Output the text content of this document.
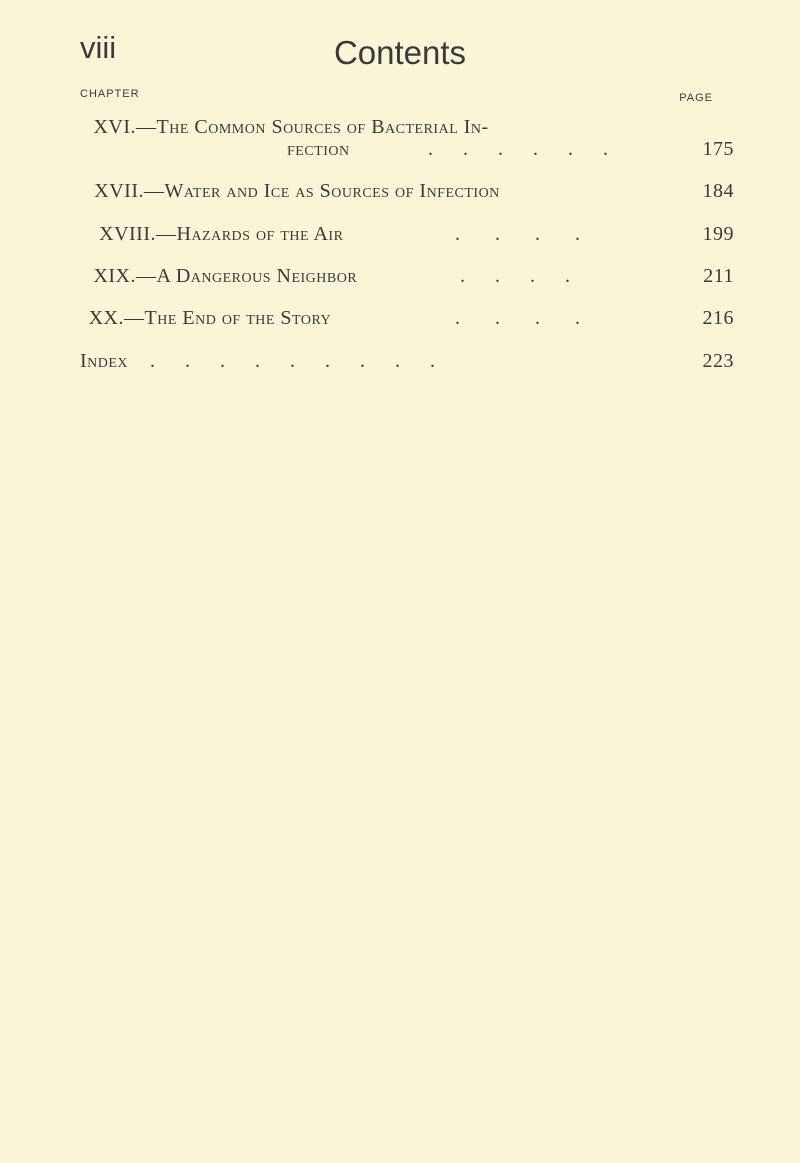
viii	Contents
CHAPTER	PAGE
XVI. —The Common Sources of Bacterial In-
fection	.      .      .      .      .      .	175
XVII. —Water and Ice as Sources of Infection	184
XVIII. —Hazards of the Air	.       .       .       .	199
XIX. —A Dangerous Neighbor	.      .      .      .	211
XX. —The End of the Story	.       .       .       .	216
Index .      .      .      .      .      .      .      .      .	223
